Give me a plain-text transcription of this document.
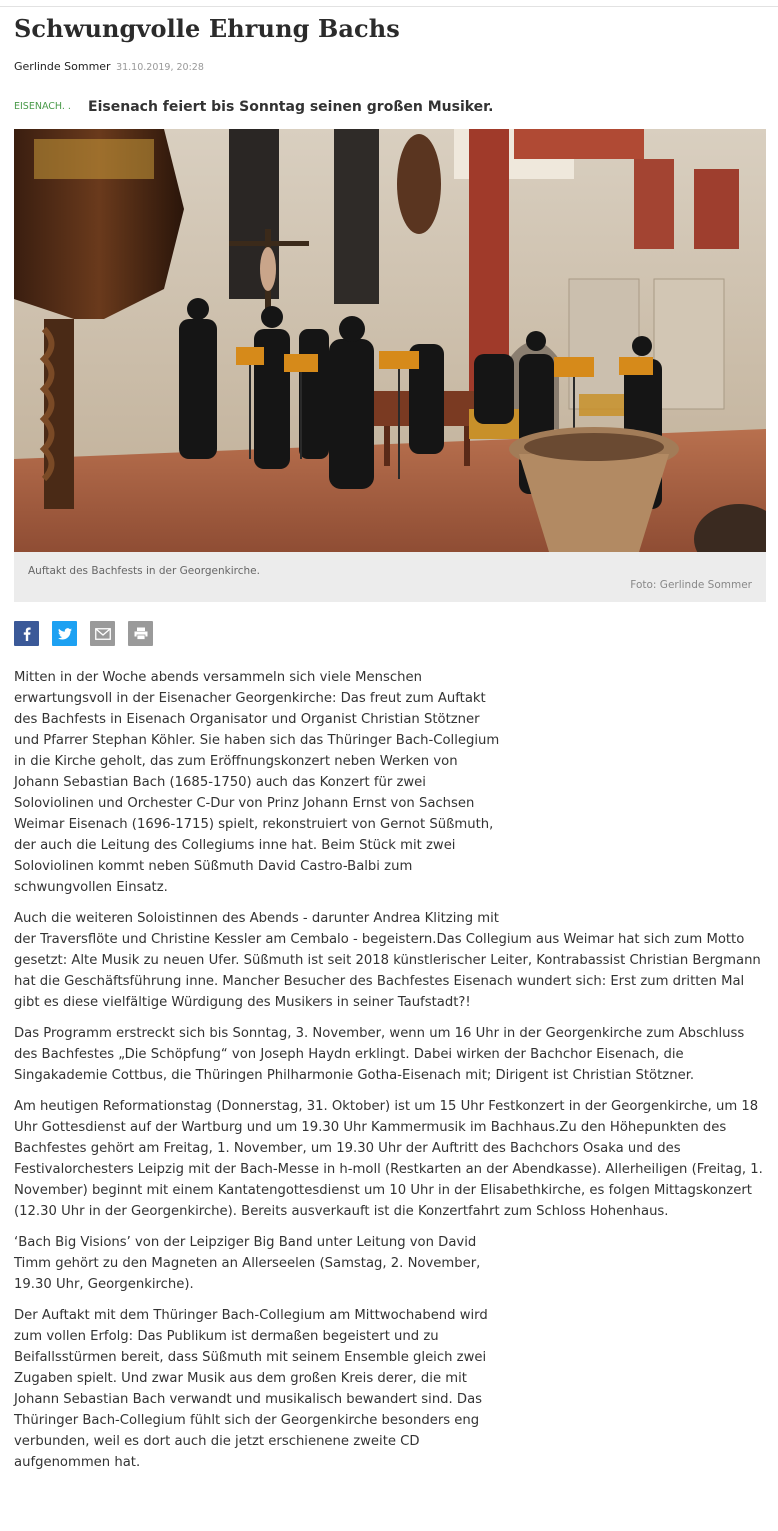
Schwungvolle Ehrung Bachs
Gerlinde Sommer 31.10.2019, 20:28
EISENACH. . Eisenach feiert bis Sonntag seinen großen Musiker.
Auftakt des Bachfests in der Georgenkirche.
Foto: Gerlinde Sommer

Mitten in der Woche abends versammeln sich viele Menschen erwartungsvoll in der Eisenacher Georgenkirche: Das freut zum Auftakt des Bachfests in Eisenach Organisator und Organist Christian Stötzner und Pfarrer Stephan Köhler. Sie haben sich das Thüringer Bach-Collegium in die Kirche geholt, das zum Eröffnungskonzert neben Werken von Johann Sebastian Bach (1685-1750) auch das Konzert für zwei Soloviolinen und Orchester C-Dur von Prinz Johann Ernst von Sachsen Weimar Eisenach (1696-1715) spielt, rekonstruiert von Gernot Süßmuth, der auch die Leitung des Collegiums inne hat. Beim Stück mit zwei Soloviolinen kommt neben Süßmuth David Castro-Balbi zum schwungvollen Einsatz.

Auch die weiteren Soloistinnen des Abends - darunter Andrea Klitzing mit
der Traversflöte und Christine Kessler am Cembalo - begeistern.Das Collegium aus Weimar hat sich zum Motto gesetzt: Alte Musik zu neuen Ufer. Süßmuth ist seit 2018 künstlerischer Leiter, Kontrabassist Christian Bergmann hat die Geschäftsführung inne. Mancher Besucher des Bachfestes Eisenach wundert sich: Erst zum dritten Mal gibt es diese vielfältige Würdigung des Musikers in seiner Taufstadt?!

Das Programm erstreckt sich bis Sonntag, 3. November, wenn um 16 Uhr in der Georgenkirche zum Abschluss des Bachfestes „Die Schöpfung“ von Joseph Haydn erklingt. Dabei wirken der Bachchor Eisenach, die Singakademie Cottbus, die Thüringen Philharmonie Gotha-Eisenach mit; Dirigent ist Christian Stötzner.

Am heutigen Reformationstag (Donnerstag, 31. Oktober) ist um 15 Uhr Festkonzert in der Georgenkirche, um 18 Uhr Gottesdienst auf der Wartburg und um 19.30 Uhr Kammermusik im Bachhaus.Zu den Höhepunkten des Bachfestes gehört am Freitag, 1. November, um 19.30 Uhr der Auftritt des Bachchors Osaka und des Festivalorchesters Leipzig mit der Bach-Messe in h-moll (Restkarten an der Abendkasse). Allerheiligen (Freitag, 1. November) beginnt mit einem Kantatengottesdienst um 10 Uhr in der Elisabethkirche, es folgen Mittagskonzert (12.30 Uhr in der Georgenkirche). Bereits ausverkauft ist die Konzertfahrt zum Schloss Hohenhaus.

‘Bach Big Visions’ von der Leipziger Big Band unter Leitung von David Timm gehört zu den Magneten an Allerseelen (Samstag, 2. November, 19.30 Uhr, Georgenkirche).

Der Auftakt mit dem Thüringer Bach-Collegium am Mittwochabend wird zum vollen Erfolg: Das Publikum ist dermaßen begeistert und zu Beifallsstürmen bereit, dass Süßmuth mit seinem Ensemble gleich zwei Zugaben spielt. Und zwar Musik aus dem großen Kreis derer, die mit Johann Sebastian Bach verwandt und musikalisch bewandert sind. Das Thüringer Bach-Collegium fühlt sich der Georgenkirche besonders eng verbunden, weil es dort auch die jetzt erschienene zweite CD aufgenommen hat.
